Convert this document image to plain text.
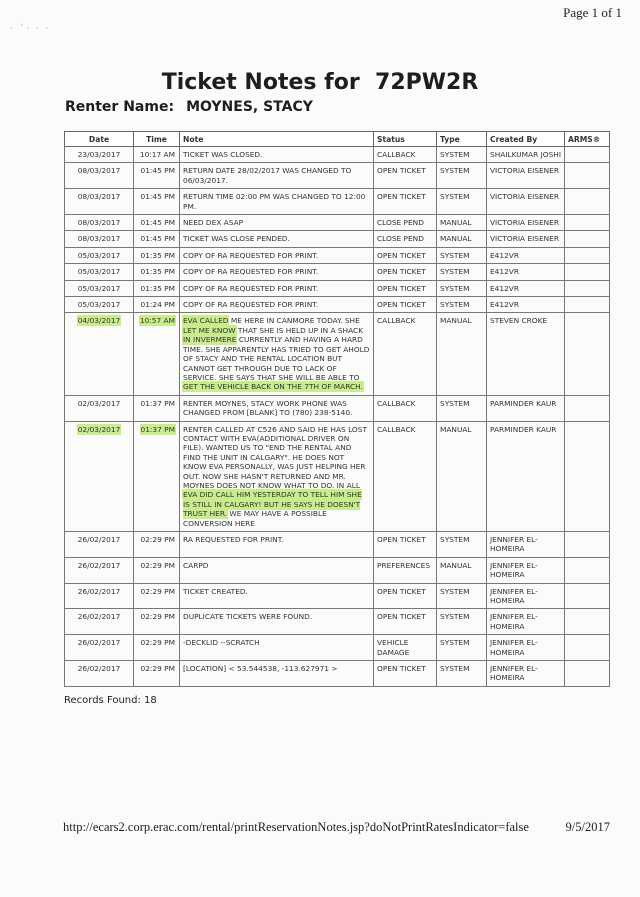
Page 1 of 1
· `· · ·
Ticket Notes for 72PW2R
Renter Name: MOYNES, STACY
Date	Time	Note	Status	Type	Created By	ARMS®
23/03/2017	10:17 AM	TICKET WAS CLOSED.	CALLBACK	SYSTEM	SHAILKUMAR JOSHI	
08/03/2017	01:45 PM	RETURN DATE 28/02/2017 WAS CHANGED TO 06/03/2017.	OPEN TICKET	SYSTEM	VICTORIA EISENER	
08/03/2017	01:45 PM	RETURN TIME 02:00 PM WAS CHANGED TO 12:00 PM.	OPEN TICKET	SYSTEM	VICTORIA EISENER	
08/03/2017	01:45 PM	NEED DEX ASAP	CLOSE PEND	MANUAL	VICTORIA EISENER	
08/03/2017	01:45 PM	TICKET WAS CLOSE PENDED.	CLOSE PEND	MANUAL	VICTORIA EISENER	
05/03/2017	01:35 PM	COPY OF RA REQUESTED FOR PRINT.	OPEN TICKET	SYSTEM	E412VR	
05/03/2017	01:35 PM	COPY OF RA REQUESTED FOR PRINT.	OPEN TICKET	SYSTEM	E412VR	
05/03/2017	01:35 PM	COPY OF RA REQUESTED FOR PRINT.	OPEN TICKET	SYSTEM	E412VR	
05/03/2017	01:24 PM	COPY OF RA REQUESTED FOR PRINT.	OPEN TICKET	SYSTEM	E412VR	
04/03/2017	10:57 AM	EVA CALLED ME HERE IN CANMORE TODAY. SHE LET ME KNOW THAT SHE IS HELD UP IN A SHACK IN INVERMERE CURRENTLY AND HAVING A HARD TIME. SHE APPARENTLY HAS TRIED TO GET AHOLD OF STACY AND THE RENTAL LOCATION BUT CANNOT GET THROUGH DUE TO LACK OF SERVICE. SHE SAYS THAT SHE WILL BE ABLE TO GET THE VEHICLE BACK ON THE 7TH OF MARCH.	CALLBACK	MANUAL	STEVEN CROKE	
02/03/2017	01:37 PM	RENTER MOYNES, STACY WORK PHONE WAS CHANGED FROM [BLANK] TO (780) 238-5140.	CALLBACK	SYSTEM	PARMINDER KAUR	
02/03/2017	01:37 PM	RENTER CALLED AT C526 AND SAID HE HAS LOST CONTACT WITH EVA(ADDITIONAL DRIVER ON FILE). WANTED US TO "END THE RENTAL AND FIND THE UNIT IN CALGARY". HE DOES NOT KNOW EVA PERSONALLY, WAS JUST HELPING HER OUT. NOW SHE HASN'T RETURNED AND MR. MOYNES DOES NOT KNOW WHAT TO DO. IN ALL EVA DID CALL HIM YESTERDAY TO TELL HIM SHE IS STILL IN CALGARY! BUT HE SAYS HE DOESN'T TRUST HER. WE MAY HAVE A POSSIBLE CONVERSION HERE	CALLBACK	MANUAL	PARMINDER KAUR	
26/02/2017	02:29 PM	RA REQUESTED FOR PRINT.	OPEN TICKET	SYSTEM	JENNIFER EL-HOMEIRA	
26/02/2017	02:29 PM	CARPD	PREFERENCES	MANUAL	JENNIFER EL-HOMEIRA	
26/02/2017	02:29 PM	TICKET CREATED.	OPEN TICKET	SYSTEM	JENNIFER EL-HOMEIRA	
26/02/2017	02:29 PM	DUPLICATE TICKETS WERE FOUND.	OPEN TICKET	SYSTEM	JENNIFER EL-HOMEIRA	
26/02/2017	02:29 PM	-DECKLID --SCRATCH	VEHICLE DAMAGE	SYSTEM	JENNIFER EL-HOMEIRA	
26/02/2017	02:29 PM	[LOCATION] < 53.544538, -113.627971 >	OPEN TICKET	SYSTEM	JENNIFER EL-HOMEIRA	
Records Found: 18
http://ecars2.corp.erac.com/rental/printReservationNotes.jsp?doNotPrintRatesIndicator=false	9/5/2017
